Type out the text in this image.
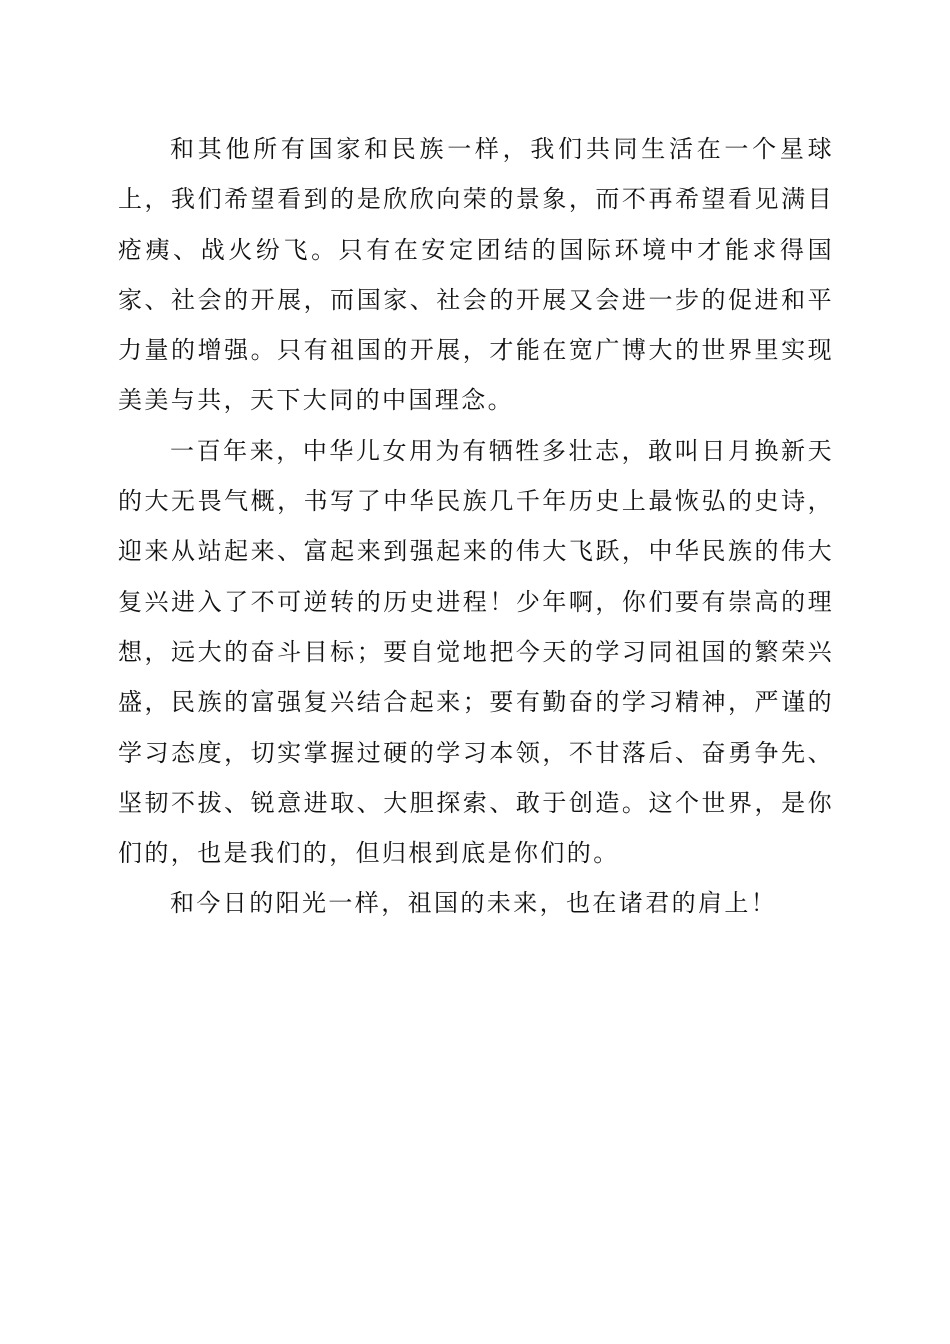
和其他所有国家和民族一样，我们共同生活在一个星球上，我们希望看到的是欣欣向荣的景象，而不再希望看见满目疮痍、战火纷飞。只有在安定团结的国际环境中才能求得国家、社会的开展，而国家、社会的开展又会进一步的促进和平力量的增强。只有祖国的开展，才能在宽广博大的世界里实现美美与共，天下大同的中国理念。

一百年来，中华儿女用为有牺牲多壮志，敢叫日月换新天的大无畏气概，书写了中华民族几千年历史上最恢弘的史诗，迎来从站起来、富起来到强起来的伟大飞跃，中华民族的伟大复兴进入了不可逆转的历史进程！少年啊，你们要有崇高的理想，远大的奋斗目标；要自觉地把今天的学习同祖国的繁荣兴盛，民族的富强复兴结合起来；要有勤奋的学习精神，严谨的学习态度，切实掌握过硬的学习本领，不甘落后、奋勇争先、坚韧不拔、锐意进取、大胆探索、敢于创造。这个世界，是你们的，也是我们的，但归根到底是你们的。

和今日的阳光一样，祖国的未来，也在诸君的肩上！
